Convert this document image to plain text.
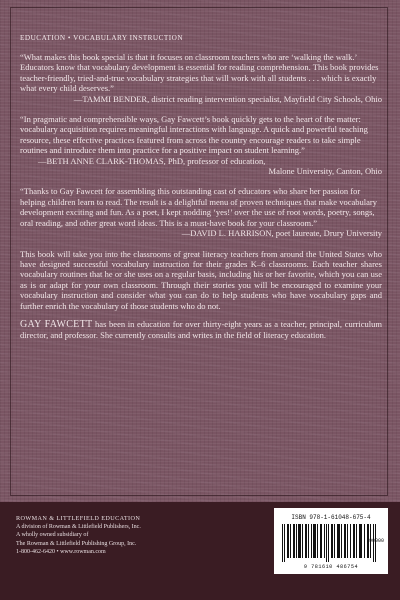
EDUCATION • VOCABULARY INSTRUCTION

“What makes this book special is that it focuses on classroom teachers who are ‘walking the walk.’ Educators know that vocabulary development is essential for reading comprehension. This book provides teacher-friendly, tried-and-true vocabulary strategies that will work with all students . . . which is exactly what every child deserves.”

—TAMMI BENDER, district reading intervention specialist, Mayfield City Schools, Ohio

“In pragmatic and comprehensible ways, Gay Fawcett’s book quickly gets to the heart of the matter: vocabulary acquisition requires meaningful interactions with language. A quick and powerful teaching resource, these effective practices featured from across the country encourage readers to take simple routines and introduce them into practice for a positive impact on student learning.”

—BETH ANNE CLARK-THOMAS, PhD, professor of education,

Malone University, Canton, Ohio

“Thanks to Gay Fawcett for assembling this outstanding cast of educators who share her passion for helping children learn to read. The result is a delightful menu of proven techniques that make vocabulary development exciting and fun. As a poet, I kept nodding ‘yes!’ over the use of root words, poetry, songs, oral reading, and other great word ideas. This is a must-have book for your classroom.”

—DAVID L. HARRISON, poet laureate, Drury University

This book will take you into the classrooms of great literacy teachers from around the United States who have designed successful vocabulary instruction for their grades K–6 classrooms. Each teacher shares vocabulary routines that he or she uses on a regular basis, including his or her favorite, which you can use as is or adapt for your own classroom. Through their stories you will be encouraged to examine your vocabulary instruction and consider what you can do to help students who have vocabulary gaps and further enrich the vocabulary of those students who do not.

GAY FAWCETT has been in education for over thirty-eight years as a teacher, principal, curriculum director, and professor. She currently consults and writes in the field of literacy education.

ROWMAN & LITTLEFIELD EDUCATION
A division of Rowman & Littlefield Publishers, Inc.
A wholly owned subsidiary of
The Rowman & Littlefield Publishing Group, Inc.
1-800-462-6420 • www.rowman.com
ISBN 978-1-61048-675-4
90000
9 781610 486754
